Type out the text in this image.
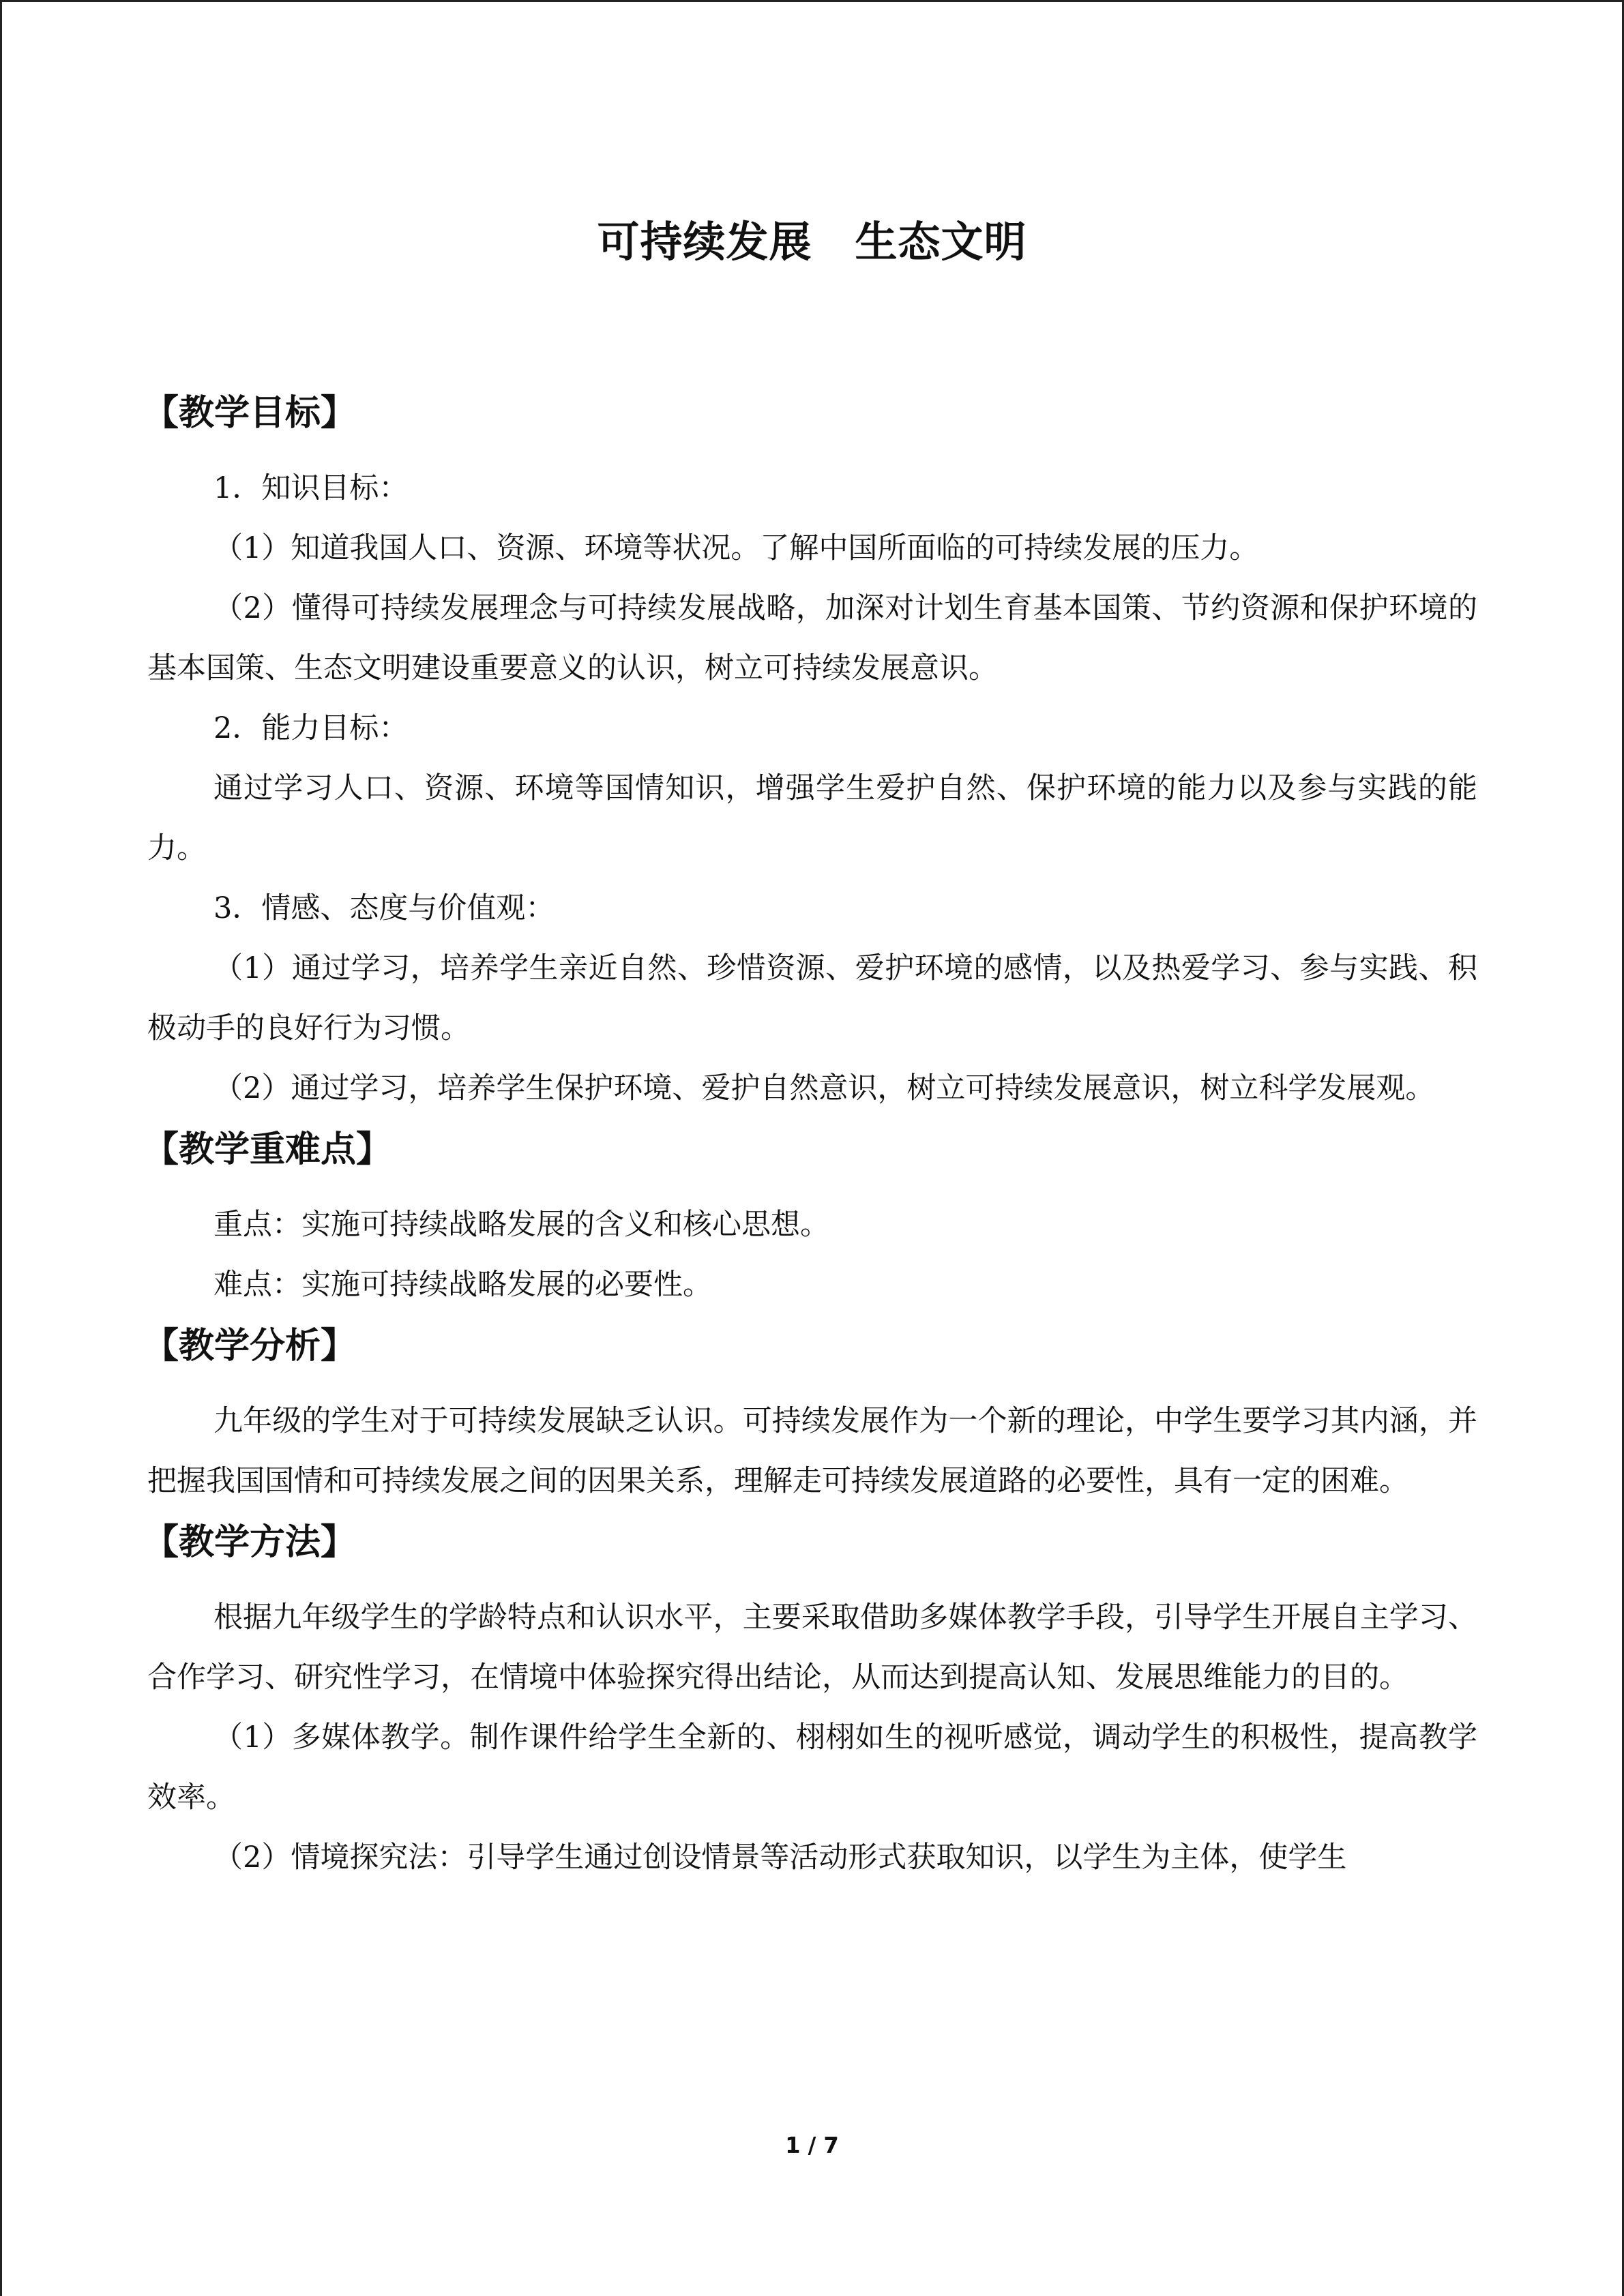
可持续发展　生态文明
【教学目标】
1．知识目标：
（1）知道我国人口、资源、环境等状况。了解中国所面临的可持续发展的压力。
（2）懂得可持续发展理念与可持续发展战略，加深对计划生育基本国策、节约资源和保护环境的基本国策、生态文明建设重要意义的认识，树立可持续发展意识。
2．能力目标：
通过学习人口、资源、环境等国情知识，增强学生爱护自然、保护环境的能力以及参与实践的能力。
3．情感、态度与价值观：
（1）通过学习，培养学生亲近自然、珍惜资源、爱护环境的感情，以及热爱学习、参与实践、积极动手的良好行为习惯。
（2）通过学习，培养学生保护环境、爱护自然意识，树立可持续发展意识，树立科学发展观。
【教学重难点】
重点：实施可持续战略发展的含义和核心思想。
难点：实施可持续战略发展的必要性。
【教学分析】
九年级的学生对于可持续发展缺乏认识。可持续发展作为一个新的理论，中学生要学习其内涵，并把握我国国情和可持续发展之间的因果关系，理解走可持续发展道路的必要性，具有一定的困难。
【教学方法】
根据九年级学生的学龄特点和认识水平，主要采取借助多媒体教学手段，引导学生开展自主学习、合作学习、研究性学习，在情境中体验探究得出结论，从而达到提高认知、发展思维能力的目的。
（1）多媒体教学。制作课件给学生全新的、栩栩如生的视听感觉，调动学生的积极性，提高教学效率。
（2）情境探究法：引导学生通过创设情景等活动形式获取知识，以学生为主体，使学生
1 / 7
